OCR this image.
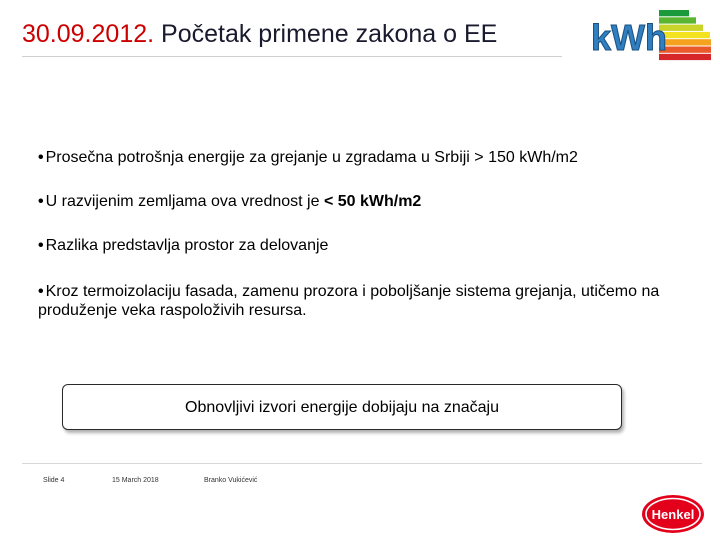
30.09.2012. Početak primene zakona o EE	kWh
• Prosečna potrošnja energije za grejanje u zgradama u Srbiji > 150 kWh/m2
• U razvijenim zemljama ova vrednost je < 50 kWh/m2
• Razlika predstavlja prostor za delovanje
• Kroz termoizolaciju fasada, zamenu prozora i poboljšanje sistema grejanja, utičemo na produženje veka raspoloživih resursa.
Obnovljivi izvori energije dobijaju na značaju
Slide 4	15 March 2018	Branko Vukićević
Henkel
